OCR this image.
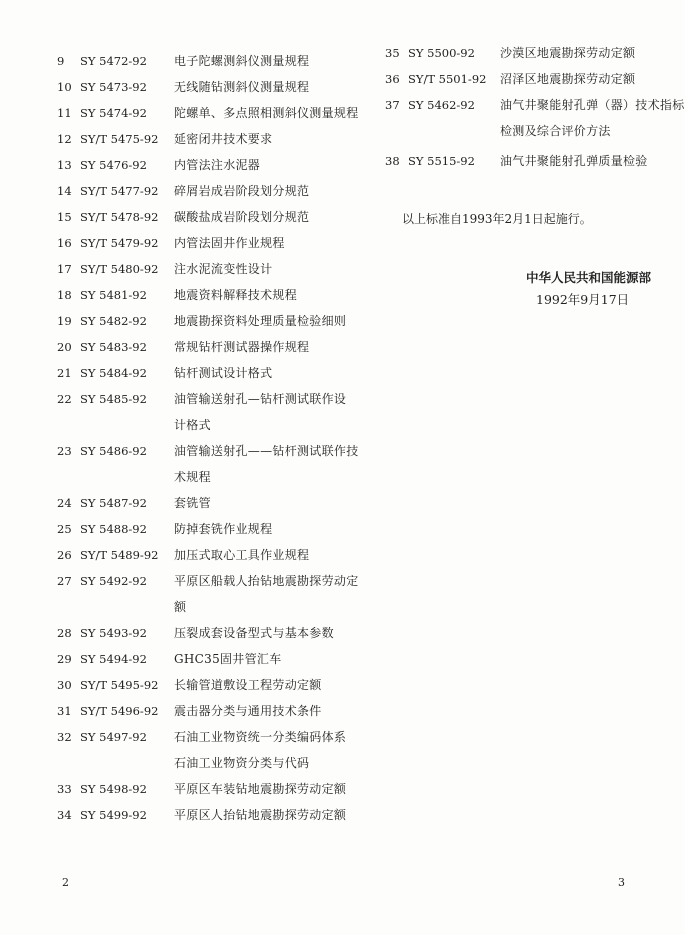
9	SY 5472-92 电子陀螺测斜仪测量规程
10 SY 5473-92 无线随钻测斜仪测量规程
11 SY 5474-92 陀螺单、多点照相测斜仪测量规程
12 SY/T 5475-92 延密闭井技术要求
13 SY 5476-92 内管法注水泥器
14 SY/T 5477-92 碎屑岩成岩阶段划分规范
15 SY/T 5478-92 碳酸盐成岩阶段划分规范
16 SY/T 5479-92 内管法固井作业规程
17 SY/T 5480-92 注水泥流变性设计
18 SY 5481-92 地震资料解释技术规程
19 SY 5482-92 地震勘探资料处理质量检验细则
20 SY 5483-92 常规钻杆测试器操作规程
21 SY 5484-92 钻杆测试设计格式
22 SY 5485-92 油管输送射孔—钻杆测试联作设
计格式
23 SY 5486-92 油管输送射孔——钻杆测试联作技
术规程
24 SY 5487-92 套铣管
25 SY 5488-92 防掉套铣作业规程
26 SY/T 5489-92 加压式取心工具作业规程
27 SY 5492-92 平原区船载人抬钻地震勘探劳动定
额
28 SY 5493-92 压裂成套设备型式与基本参数
29 SY 5494-92 GHC35固井管汇车
30 SY/T 5495-92 长输管道敷设工程劳动定额
31 SY/T 5496-92 震击器分类与通用技术条件
32 SY 5497-92 石油工业物资统一分类编码体系
石油工业物资分类与代码
33 SY 5498-92 平原区车装钻地震勘探劳动定额
34 SY 5499-92 平原区人抬钻地震勘探劳动定额
35 SY 5500-92 沙漠区地震勘探劳动定额
36 SY/T 5501-92 沼泽区地震勘探劳动定额
37 SY 5462-92 油气井聚能射孔弹（器）技术指标
检测及综合评价方法
38 SY 5515-92 油气井聚能射孔弹质量检验
以上标准自1993年2月1日起施行。
中华人民共和国能源部
1992年9月17日
2	3
